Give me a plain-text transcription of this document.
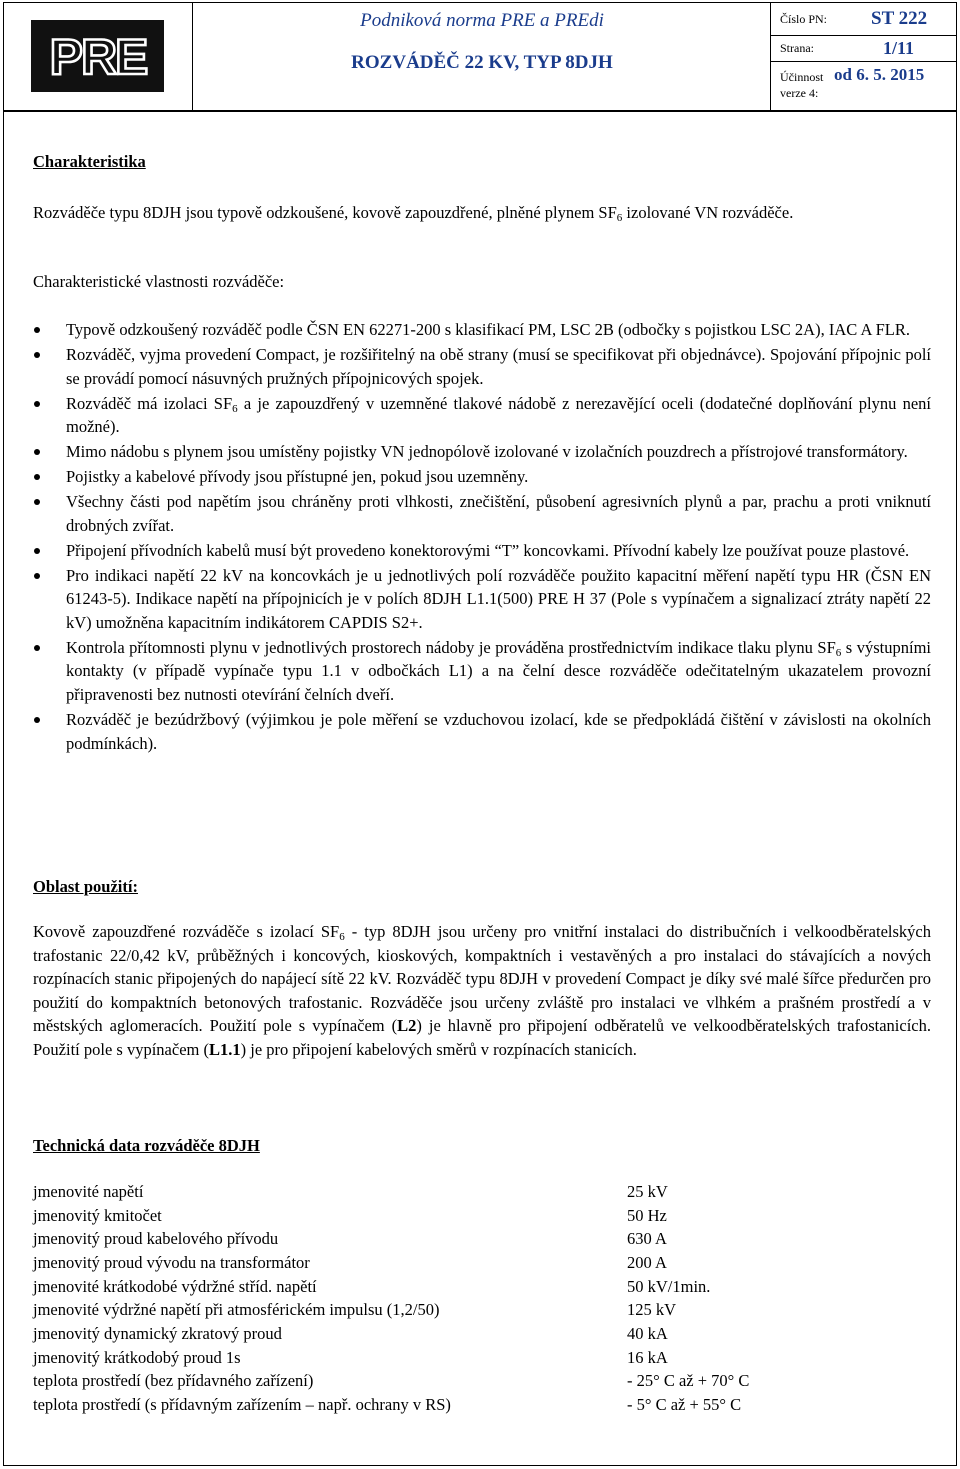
PRE
Podniková norma PRE a PREdi
ROZVÁDĚČ 22 KV, TYP 8DJH
Číslo PN: ST 222
Strana:	1/11
Účinnost od 6. 5. 2015
verze 4:
Charakteristika
Rozváděče typu 8DJH jsou typově odzkoušené, kovově zapouzdřené, plněné plynem $SF_6$ izolované VN rozváděče.
Charakteristické vlastnosti rozváděče:
Typově odzkoušený rozváděč podle ČSN EN 62271-200 s klasifikací PM, LSC 2B (odbočky s pojistkou LSC 2A), IAC A FLR.
Rozváděč, vyjma provedení Compact, je rozšiřitelný na obě strany (musí se specifikovat při objednávce). Spojování přípojnic polí se provádí pomocí násuvných pružných přípojnicových spojek.
Rozváděč má izolaci $SF_6$ a je zapouzdřený v uzemněné tlakové nádobě z nerezavějící oceli (dodatečné doplňování plynu není možné).
Mimo nádobu s plynem jsou umístěny pojistky VN jednopólově izolované v izolačních pouzdrech a přístrojové transformátory.
Pojistky a kabelové přívody jsou přístupné jen, pokud jsou uzemněny.
Všechny části pod napětím jsou chráněny proti vlhkosti, znečištění, působení agresivních plynů a par, prachu a proti vniknutí drobných zvířat.
Připojení přívodních kabelů musí být provedeno konektorovými “T” koncovkami. Přívodní kabely lze používat pouze plastové.
Pro indikaci napětí 22 kV na koncovkách je u jednotlivých polí rozváděče použito kapacitní měření napětí typu HR (ČSN EN 61243-5). Indikace napětí na přípojnicích je v polích 8DJH L1.1(500) PRE H 37 (Pole s vypínačem a signalizací ztráty napětí 22 kV) umožněna kapacitním indikátorem CAPDIS S2+.
Kontrola přítomnosti plynu v jednotlivých prostorech nádoby je prováděna prostřednictvím indikace tlaku plynu $SF_6$ s výstupními kontakty (v případě vypínače typu 1.1 v odbočkách L1) a na čelní desce rozváděče odečitatelným ukazatelem provozní připravenosti bez nutnosti otevírání čelních dveří.
Rozváděč je bezúdržbový (výjimkou je pole měření se vzduchovou izolací, kde se předpokládá čištění v závislosti na okolních podmínkách).
Oblast použití:
Kovově zapouzdřené rozváděče s izolací $SF_6$ - typ 8DJH jsou určeny pro vnitřní instalaci do distribučních i velkoodběratelských trafostanic 22/0,42 kV, průběžných i koncových, kioskových, kompaktních i vestavěných a pro instalaci do stávajících a nových rozpínacích stanic připojených do napájecí sítě 22 kV. Rozváděč typu 8DJH v provedení Compact je díky své malé šířce předurčen pro použití do kompaktních betonových trafostanic. Rozváděče jsou určeny zvláště pro instalaci ve vlhkém a prašném prostředí a v městských aglomeracích. Použití pole s vypínačem (L2) je hlavně pro připojení odběratelů ve velkoodběratelských trafostanicích. Použití pole s vypínačem (L1.1) je pro připojení kabelových směrů v rozpínacích stanicích.
Technická data rozváděče 8DJH
jmenovité napětí	25 kV
jmenovitý kmitočet	50 Hz
jmenovitý proud kabelového přívodu	630 A
jmenovitý proud vývodu na transformátor	200 A
jmenovité krátkodobé výdržné stříd. napětí	50 kV/1min.
jmenovité výdržné napětí při atmosférickém impulsu (1,2/50)	125 kV
jmenovitý dynamický zkratový proud	40 kA
jmenovitý krátkodobý proud 1s	16 kA
teplota prostředí (bez přídavného zařízení)	- 25° C až + 70° C
teplota prostředí (s přídavným zařízením – např. ochrany v RS)	- 5° C až + 55° C
